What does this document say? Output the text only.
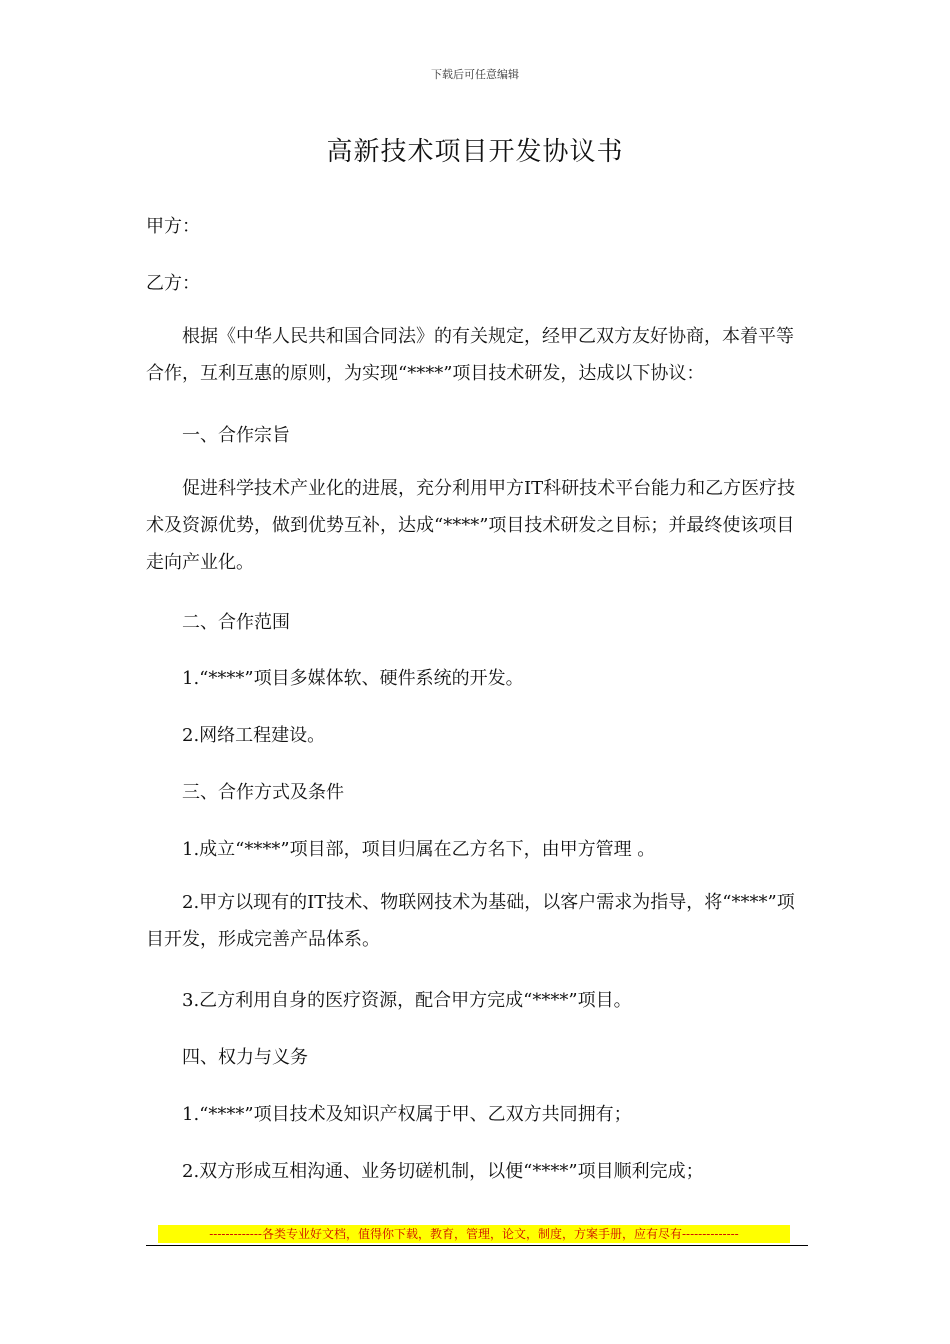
下载后可任意编辑
高新技术项目开发协议书
甲方：
乙方：
根据《中华人民共和国合同法》的有关规定，经甲乙双方友好协商，本着平等合作，互利互惠的原则，为实现“****”项目技术研发，达成以下协议：
一、合作宗旨
促进科学技术产业化的进展，充分利用甲方IT科研技术平台能力和乙方医疗技术及资源优势，做到优势互补，达成“****”项目技术研发之目标；并最终使该项目走向产业化。
二、合作范围
1.“****”项目多媒体软、硬件系统的开发。
2.网络工程建设。
三、合作方式及条件
1.成立“****”项目部，项目归属在乙方名下，由甲方管理 。
2.甲方以现有的IT技术、物联网技术为基础，以客户需求为指导，将“****”项目开发，形成完善产品体系。
3.乙方利用自身的医疗资源，配合甲方完成“****”项目。
四、权力与义务
1.“****”项目技术及知识产权属于甲、乙双方共同拥有；
2.双方形成互相沟通、业务切磋机制，以便“****”项目顺利完成；
-------------各类专业好文档，值得你下载，教育，管理，论文，制度，方案手册，应有尽有--------------
